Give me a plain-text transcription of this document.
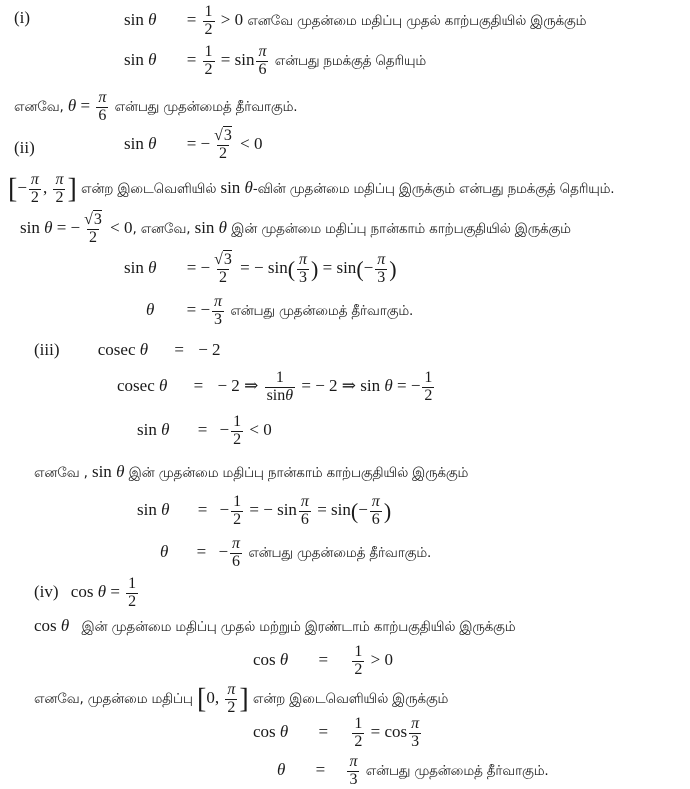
(i)	$\sin \theta = \frac{1}{2} > 0$ எனவே முதன்மை மதிப்பு முதல் காற்பகுதியில் இருக்கும்
$\sin \theta = \frac{1}{2} = \sin \frac{\pi}{6}$ என்பது நமக்குத் தெரியும்
எனவே, $\theta = \frac{\pi}{6}$ என்பது முதன்மைத் தீர்வாகும்.
(ii)	sin θ = − $\frac{√3}{2} < 0$
[− $\frac{\pi}{2}$ , $\frac{\pi}{2}$ ] என்ற இடைவெளியில் sin θ-வின் முதன்மை மதிப்பு இருக்கும் என்பது நமக்குத் தெரியும்.
sin θ = − $\frac{√3}{2} < 0$, எனவே, sin θ இன் முதன்மை மதிப்பு நான்காம் காற்பகுதியில் இருக்கும்
sin θ = − $\frac{√3}{2}$ = − $\sin( \frac{\pi}{3}$ ) = $\sin(- \frac{\pi}{3}$ )
θ = − $\frac{\pi}{3}$ என்பது முதன்மைத் தீர்வாகும்.
(iii) cosec θ = − 2
cosec θ = − 2 ⇒ $\frac{1}{\sin\theta}$ = − 2 ⇒ sin θ = − $\frac{1}{2}$
sin θ = − $\frac{1}{2} < 0$
எனவே , sin θ இன் முதன்மை மதிப்பு நான்காம் காற்பகுதியில் இருக்கும்
sin θ = − $\frac{1}{2}$ = − $\sin \frac{\pi}{6} = \sin(- \frac{\pi}{6}$ )
θ = − $\frac{\pi}{6}$ என்பது முதன்மைத் தீர்வாகும்.
(iv) $\cos \theta = \frac{1}{2}$
cos θ இன் முதன்மை மதிப்பு முதல் மற்றும் இரண்டாம் காற்பகுதியில் இருக்கும்
$\cos \theta = \frac{1}{2} > 0$
எனவே, முதன்மை மதிப்பு [0, $\frac{\pi}{2}$ ] என்ற இடைவெளியில் இருக்கும்
$\cos \theta = \frac{1}{2} = \cos \frac{\pi}{3}$
$\theta = \frac{\pi}{3}$ என்பது முதன்மைத் தீர்வாகும்.
